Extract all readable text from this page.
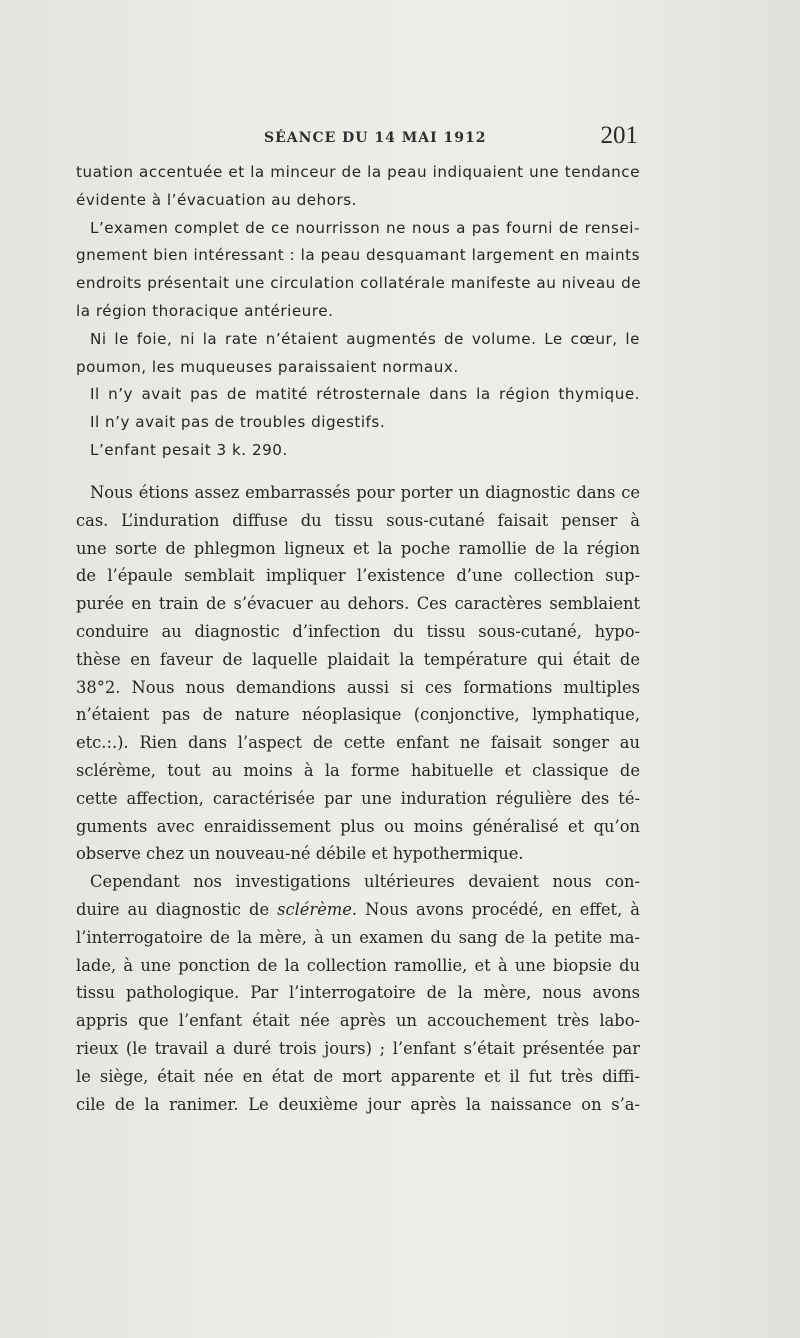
SÉANCE DU 14 MAI 1912	201
tuation accentuée et la minceur de la peau indiquaient une tendance
évidente à l’évacuation au dehors.
L’examen complet de ce nourrisson ne nous a pas fourni de rensei-
gnement bien intéressant : la peau desquamant largement en maints
endroits présentait une circulation collatérale manifeste au niveau de
la région thoracique antérieure.
Ni le foie, ni la rate n’étaient augmentés de volume. Le cœur, le
poumon, les muqueuses paraissaient normaux.
Il n’y avait pas de matité rétrosternale dans la région thymique.
Il n’y avait pas de troubles digestifs.
L’enfant pesait 3 k. 290.
Nous étions assez embarrassés pour porter un diagnostic dans ce
cas. L’induration diffuse du tissu sous-cutané faisait penser à
une sorte de phlegmon ligneux et la poche ramollie de la région
de l’épaule semblait impliquer l’existence d’une collection sup-
purée en train de s’évacuer au dehors. Ces caractères semblaient
conduire au diagnostic d’infection du tissu sous-cutané, hypo-
thèse en faveur de laquelle plaidait la température qui était de
38°2. Nous nous demandions aussi si ces formations multiples
n’étaient pas de nature néoplasique (conjonctive, lymphatique,
etc.:.). Rien dans l’aspect de cette enfant ne faisait songer au
sclérème, tout au moins à la forme habituelle et classique de
cette affection, caractérisée par une induration régulière des té-
guments avec enraidissement plus ou moins généralisé et qu’on
observe chez un nouveau-né débile et hypothermique.
Cependant nos investigations ultérieures devaient nous con-
duire au diagnostic de sclérème. Nous avons procédé, en effet, à
l’interrogatoire de la mère, à un examen du sang de la petite ma-
lade, à une ponction de la collection ramollie, et à une biopsie du
tissu pathologique. Par l’interrogatoire de la mère, nous avons
appris que l’enfant était née après un accouchement très labo-
rieux (le travail a duré trois jours) ; l’enfant s’était présentée par
le siège, était née en état de mort apparente et il fut très diffi-
cile de la ranimer. Le deuxième jour après la naissance on s’a-
